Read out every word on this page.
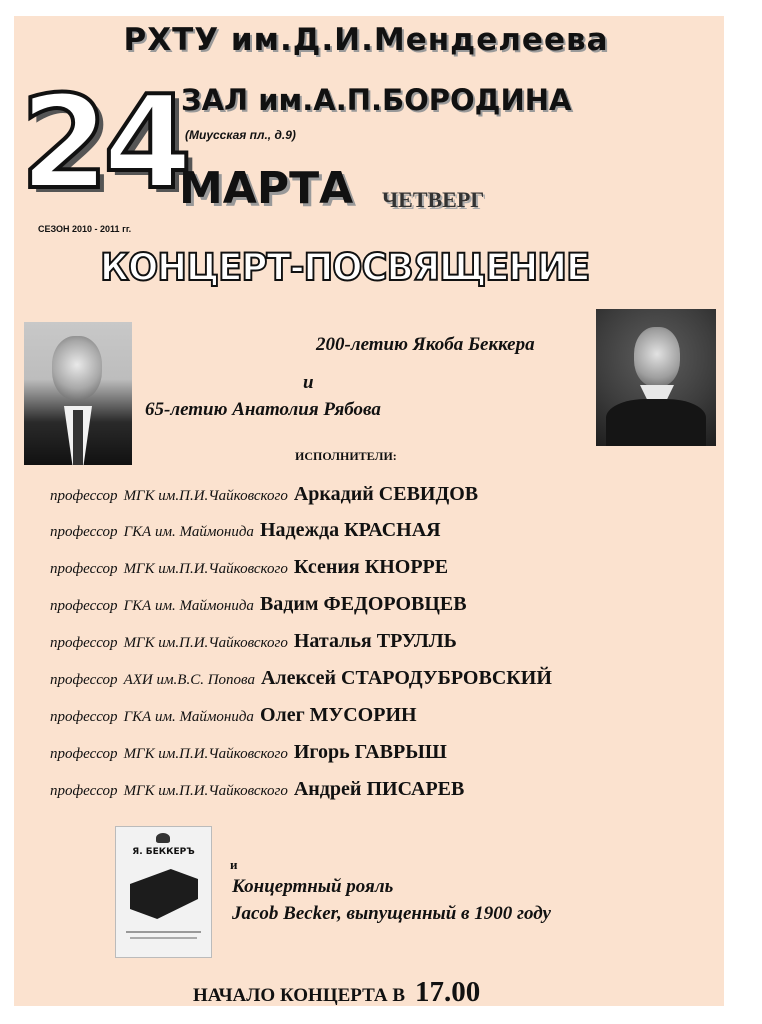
РХТУ им.Д.И.Менделеева
24
ЗАЛ им.А.П.БОРОДИНА
(Миусская пл., д.9)
МАРТА ЧЕТВЕРГ
СЕЗОН 2010 - 2011 гг.
КОНЦЕРТ-ПОСВЯЩЕНИЕ
200-летию Якоба Беккера
и
65-летию Анатолия Рябова
ИСПОЛНИТЕЛИ:
профессор МГК им.П.И.Чайковского Аркадий СЕВИДОВ
профессор ГКА им. Маймонида Надежда КРАСНАЯ
профессор МГК им.П.И.Чайковского Ксения КНОРРЕ
профессор ГКА им. Маймонида Вадим ФЕДОРОВЦЕВ
профессор МГК им.П.И.Чайковского Наталья ТРУЛЛЬ
профессор АХИ им.В.С. Попова Алексей СТАРОДУБРОВСКИЙ
профессор ГКА им. Маймонида Олег МУСОРИН
профессор МГК им.П.И.Чайковского Игорь ГАВРЫШ
профессор МГК им.П.И.Чайковского Андрей ПИСАРЕВ
Я. БЕККЕРЪ
и
Концертный рояль
Jacob Becker, выпущенный в 1900 году
НАЧАЛО КОНЦЕРТА В 17.00
